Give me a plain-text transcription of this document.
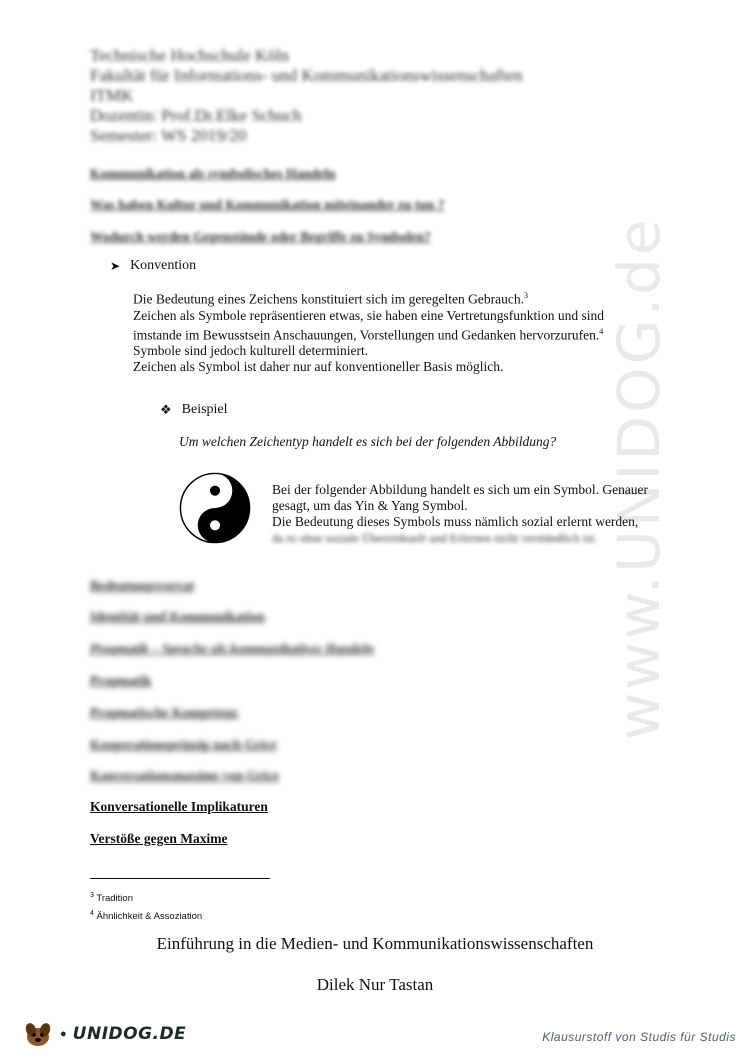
www.UNIDOG.de
Technische Hochschule Köln
Fakultät für Informations- und Kommunikationswissenschaften
ITMK
Dozentin: Prof.Dr.Elke Schuch
Semester: WS 2019/20
Kommunikation als symbolisches Handeln
Was haben Kultur und Kommunikation miteinander zu tun ?
Wodurch werden Gegenstände oder Begriffe zu Symbolen?
➤ Konvention
Die Bedeutung eines Zeichens konstituiert sich im geregelten Gebrauch.$^3$
Zeichen als Symbole repräsentieren etwas, sie haben eine Vertretungsfunktion und sind
imstande im Bewusstsein Anschauungen, Vorstellungen und Gedanken hervorzurufen.$^4$
Symbole sind jedoch kulturell determiniert.
Zeichen als Symbol ist daher nur auf konventioneller Basis möglich.
❖ Beispiel
Um welchen Zeichentyp handelt es sich bei der folgenden Abbildung?
Bei der folgender Abbildung handelt es sich um ein Symbol. Genauer
gesagt, um das Yin & Yang Symbol.
Die Bedeutung dieses Symbols muss nämlich sozial erlernt werden,
da es ohne soziale Übereinkunft und Erlernen nicht verständlich ist.
Bedeutungsvorrat
Identität und Kommunikation
Pragmatik – Sprache als kommunikatives Handeln
Pragmatik
Pragmatische Kompetenz
Kooperationsprinzip nach Grice
Konversationsmaxime von Grice
Konversationelle Implikaturen
Verstöße gegen Maxime
$^3$ Tradition
$^4$ Ähnlichkeit & Assoziation
Einführung in die Medien- und Kommunikationswissenschaften
Dilek Nur Tastan
● UNIDOG.DE	Klausurstoff von Studis für Studis
